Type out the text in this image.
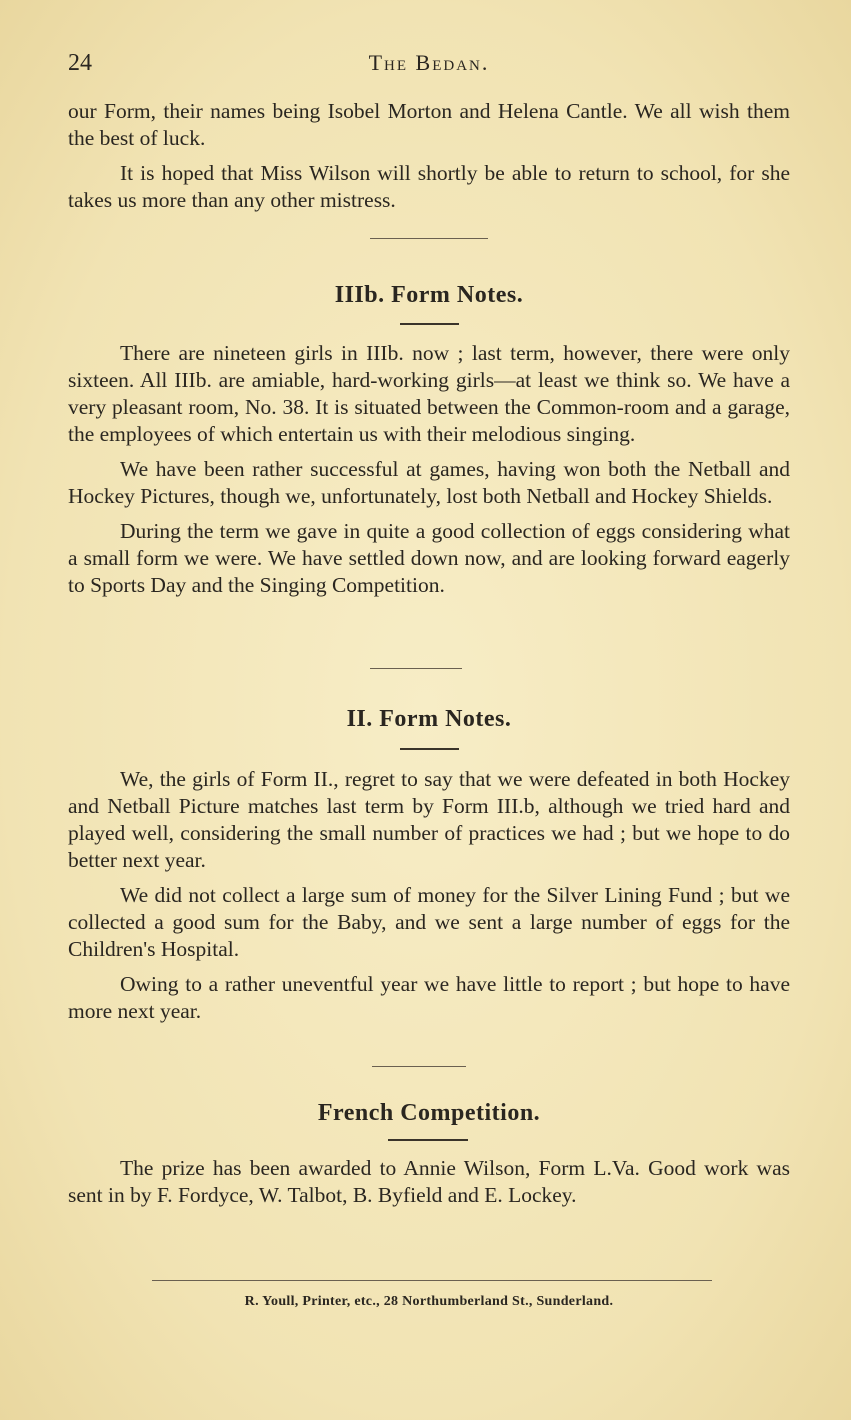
24	The Bedan.

our Form, their names being Isobel Morton and Helena Cantle. We all wish them the best of luck.

It is hoped that Miss Wilson will shortly be able to return to school, for she takes us more than any other mistress.

IIIb. Form Notes.

There are nineteen girls in IIIb. now ; last term, however, there were only sixteen. All IIIb. are amiable, hard-working girls—at least we think so. We have a very pleasant room, No. 38. It is situated between the Common-room and a garage, the employees of which entertain us with their melodious singing.

We have been rather successful at games, having won both the Netball and Hockey Pictures, though we, unfortunately, lost both Netball and Hockey Shields.

During the term we gave in quite a good collection of eggs considering what a small form we were. We have settled down now, and are looking forward eagerly to Sports Day and the Singing Competition.

II. Form Notes.

We, the girls of Form II., regret to say that we were defeated in both Hockey and Netball Picture matches last term by Form III.b, although we tried hard and played well, considering the small number of practices we had ; but we hope to do better next year.

We did not collect a large sum of money for the Silver Lining Fund ; but we collected a good sum for the Baby, and we sent a large number of eggs for the Children's Hospital.

Owing to a rather uneventful year we have little to report ; but hope to have more next year.

French Competition.

The prize has been awarded to Annie Wilson, Form L.Va. Good work was sent in by F. Fordyce, W. Talbot, B. Byfield and E. Lockey.

R. Youll, Printer, etc., 28 Northumberland St., Sunderland.
